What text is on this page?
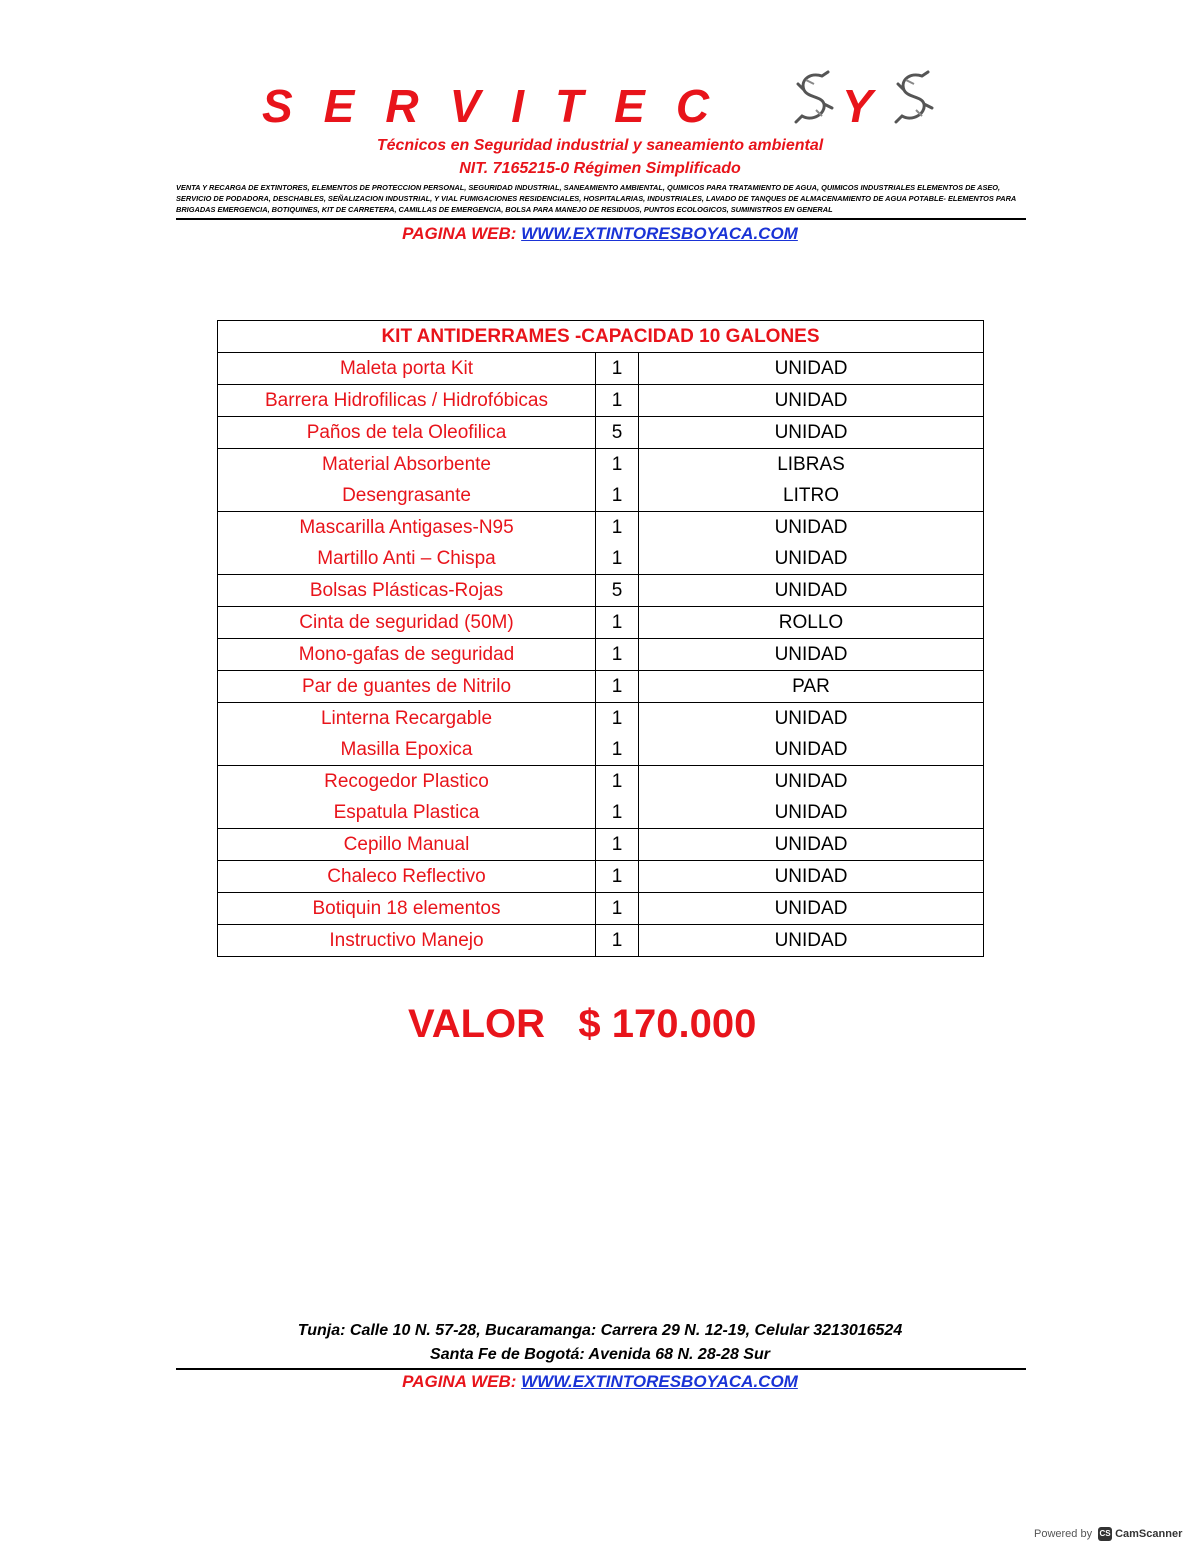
SERVITEC Y
Técnicos en Seguridad industrial y saneamiento ambiental
NIT. 7165215-0 Régimen Simplificado
VENTA Y RECARGA DE EXTINTORES, ELEMENTOS DE PROTECCION PERSONAL, SEGURIDAD INDUSTRIAL, SANEAMIENTO AMBIENTAL, QUIMICOS PARA TRATAMIENTO DE AGUA, QUIMICOS INDUSTRIALES ELEMENTOS DE ASEO, SERVICIO DE PODADORA, DESCHABLES, SEÑALIZACION INDUSTRIAL, Y VIAL FUMIGACIONES RESIDENCIALES, HOSPITALARIAS, INDUSTRIALES, LAVADO DE TANQUES DE ALMACENAMIENTO DE AGUA POTABLE- ELEMENTOS PARA BRIGADAS EMERGENCIA, BOTIQUINES, KIT DE CARRETERA, CAMILLAS DE EMERGENCIA, BOLSA PARA MANEJO DE RESIDUOS, PUNTOS ECOLOGICOS, SUMINISTROS EN GENERAL
PAGINA WEB: WWW.EXTINTORESBOYACA.COM
KIT ANTIDERRAMES -CAPACIDAD 10 GALONES		
Maleta porta Kit	1	UNIDAD
Barrera Hidrofilicas / Hidrofóbicas	1	UNIDAD
Paños de tela Oleofilica	5	UNIDAD
Material Absorbente	1	LIBRAS
Desengrasante	1	LITRO
Mascarilla Antigases-N95	1	UNIDAD
Martillo Anti – Chispa	1	UNIDAD
Bolsas Plásticas-Rojas	5	UNIDAD
Cinta de seguridad (50M)	1	ROLLO
Mono-gafas de seguridad	1	UNIDAD
Par de guantes de Nitrilo	1	PAR
Linterna Recargable	1	UNIDAD
Masilla Epoxica	1	UNIDAD
Recogedor Plastico	1	UNIDAD
Espatula Plastica	1	UNIDAD
Cepillo Manual	1	UNIDAD
Chaleco Reflectivo	1	UNIDAD
Botiquin 18 elementos	1	UNIDAD
Instructivo Manejo	1	UNIDAD
VALOR $ 170.000
Tunja: Calle 10 N. 57-28, Bucaramanga: Carrera 29 N. 12-19, Celular 3213016524
Santa Fe de Bogotá: Avenida 68 N. 28-28 Sur
PAGINA WEB: WWW.EXTINTORESBOYACA.COM
Powered by CS CamScanner
